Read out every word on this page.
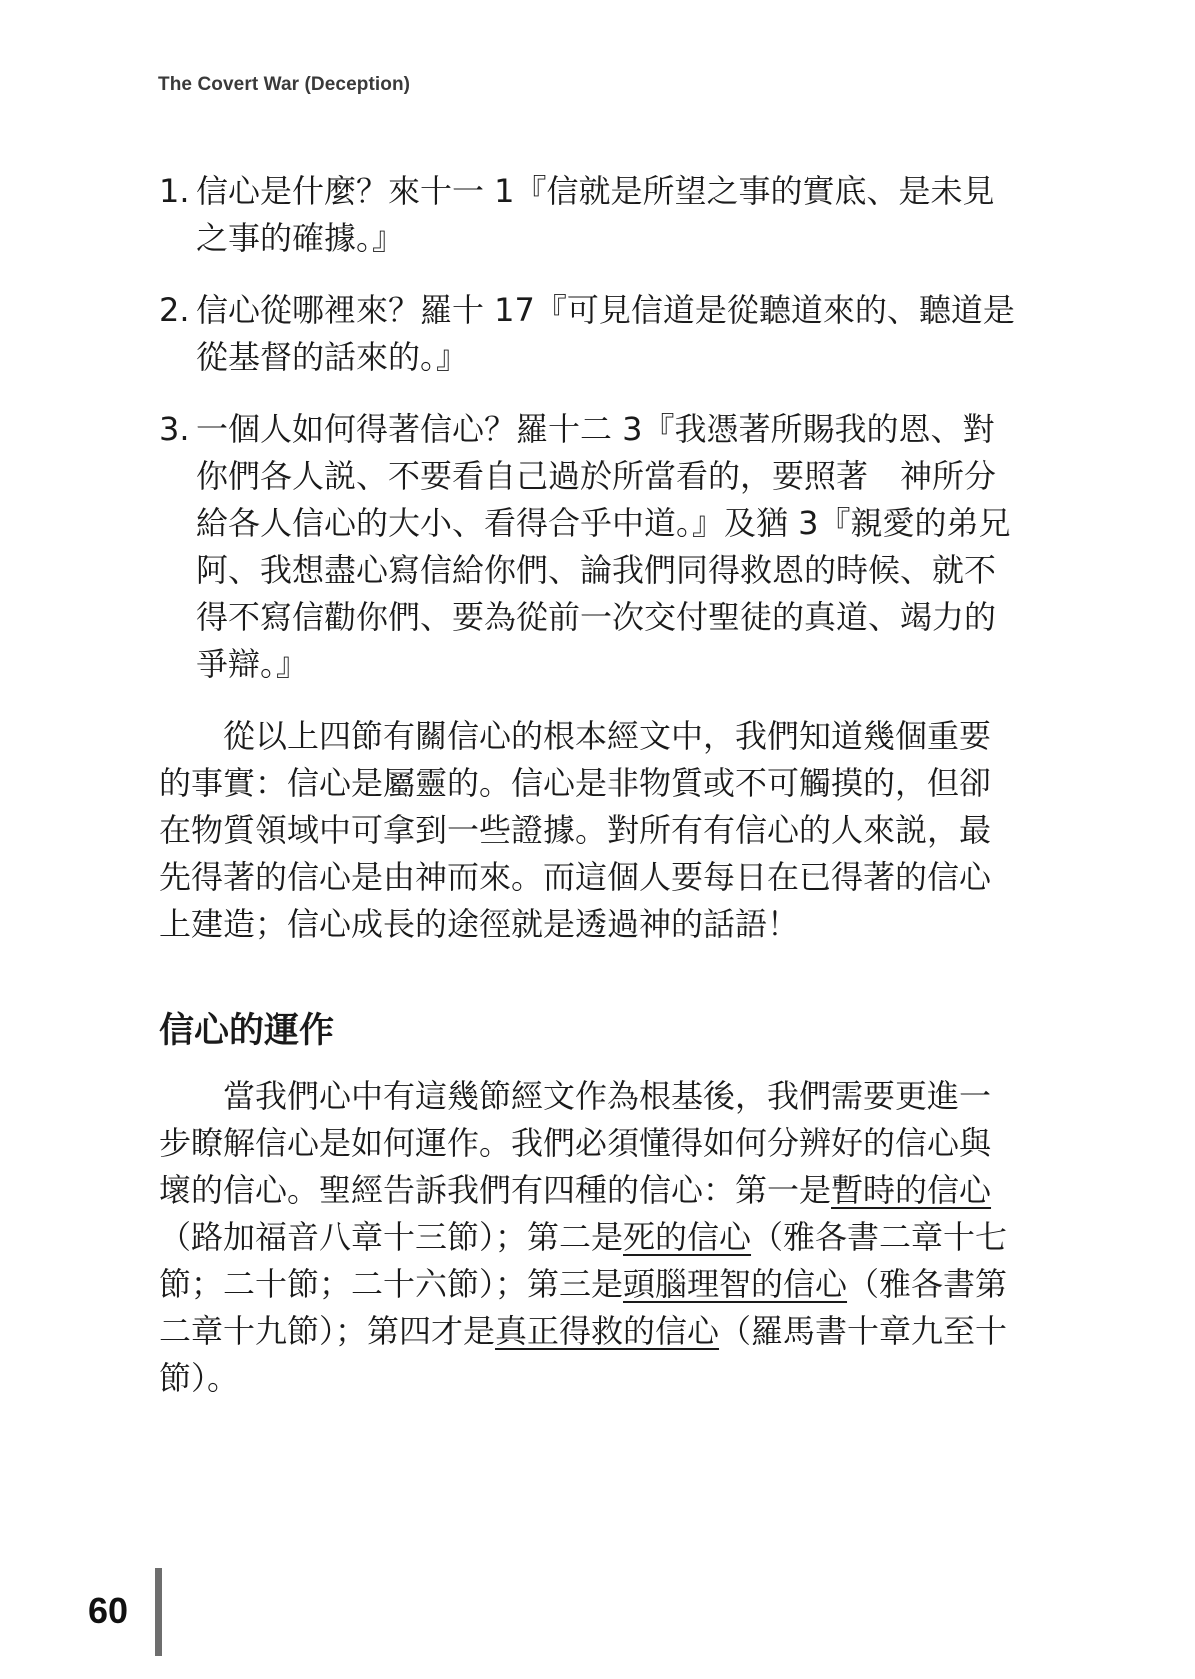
The Covert War (Deception)
1. 信心是什麼？來十一 1『信就是所望之事的實底、是未見之事的確據。』
2. 信心從哪裡來？羅十 17『可見信道是從聽道來的、聽道是從基督的話來的。』
3. 一個人如何得著信心？羅十二 3『我憑著所賜我的恩、對你們各人説、不要看自己過於所當看的，要照著　神所分給各人信心的大小、看得合乎中道。』及猶 3『親愛的弟兄阿、我想盡心寫信給你們、論我們同得救恩的時候、就不得不寫信勸你們、要為從前一次交付聖徒的真道、竭力的爭辯。』

從以上四節有關信心的根本經文中，我們知道幾個重要的事實：信心是屬靈的。信心是非物質或不可觸摸的，但卻在物質領域中可拿到一些證據。對所有有信心的人來説，最先得著的信心是由神而來。而這個人要每日在已得著的信心上建造；信心成長的途徑就是透過神的話語！

信心的運作

當我們心中有這幾節經文作為根基後，我們需要更進一步瞭解信心是如何運作。我們必須懂得如何分辨好的信心與壞的信心。聖經告訴我們有四種的信心：第一是暫時的信心（路加福音八章十三節）；第二是死的信心（雅各書二章十七節；二十節；二十六節）；第三是頭腦理智的信心（雅各書第二章十九節）；第四才是真正得救的信心（羅馬書十章九至十節）。

60
